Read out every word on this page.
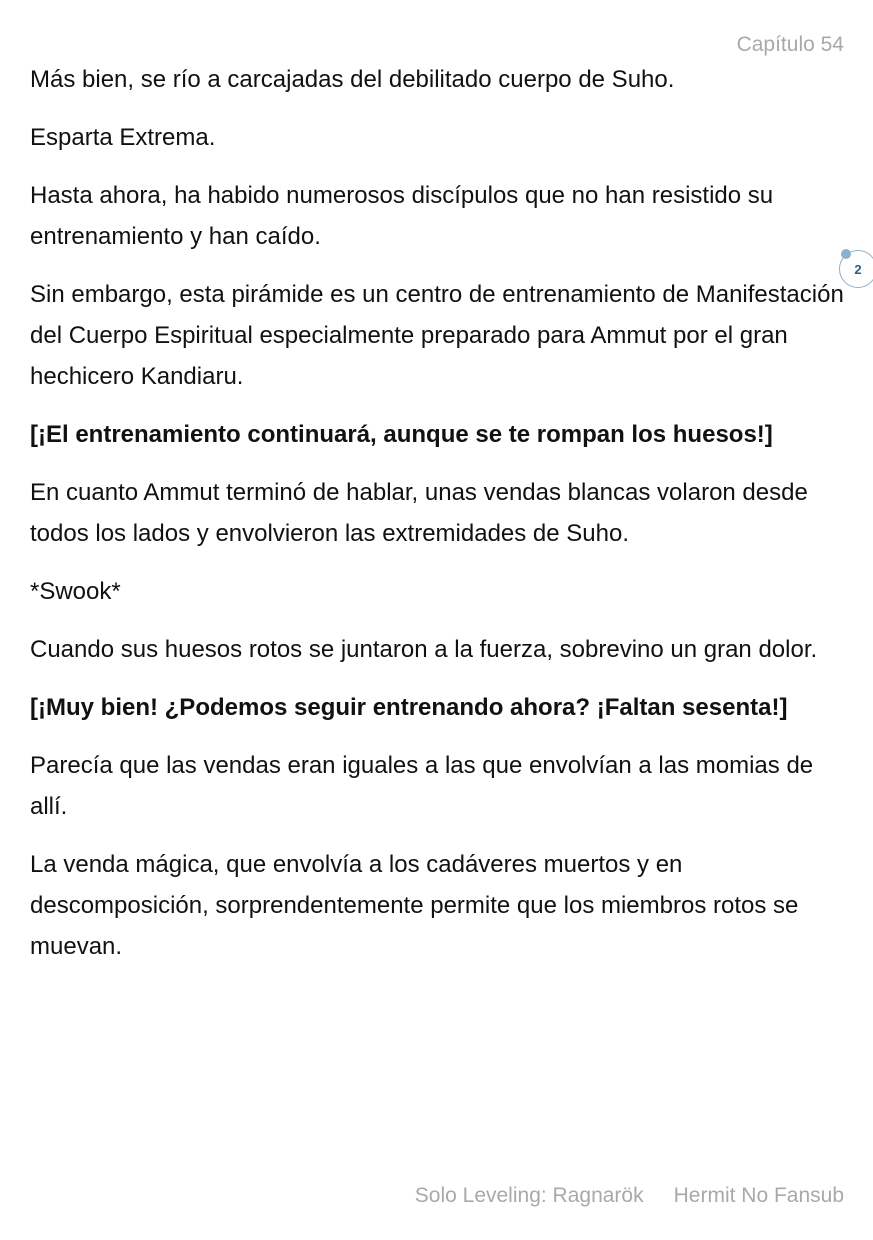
Capítulo 54

Más bien, se río a carcajadas del debilitado cuerpo de Suho.

Esparta Extrema.

Hasta ahora, ha habido numerosos discípulos que no han resistido su entrenamiento y han caído.

Sin embargo, esta pirámide es un centro de entrenamiento de Manifestación del Cuerpo Espiritual especialmente preparado para Ammut por el gran hechicero Kandiaru.

[¡El entrenamiento continuará, aunque se te rompan los huesos!]

En cuanto Ammut terminó de hablar, unas vendas blancas volaron desde todos los lados y envolvieron las extremidades de Suho.

*Swook*

Cuando sus huesos rotos se juntaron a la fuerza, sobrevino un gran dolor.

[¡Muy bien! ¿Podemos seguir entrenando ahora? ¡Faltan sesenta!]

Parecía que las vendas eran iguales a las que envolvían a las momias de allí.

La venda mágica, que envolvía a los cadáveres muertos y en descomposición, sorprendentemente permite que los miembros rotos se muevan.

2
Solo Leveling: Ragnarök Hermit No Fansub
